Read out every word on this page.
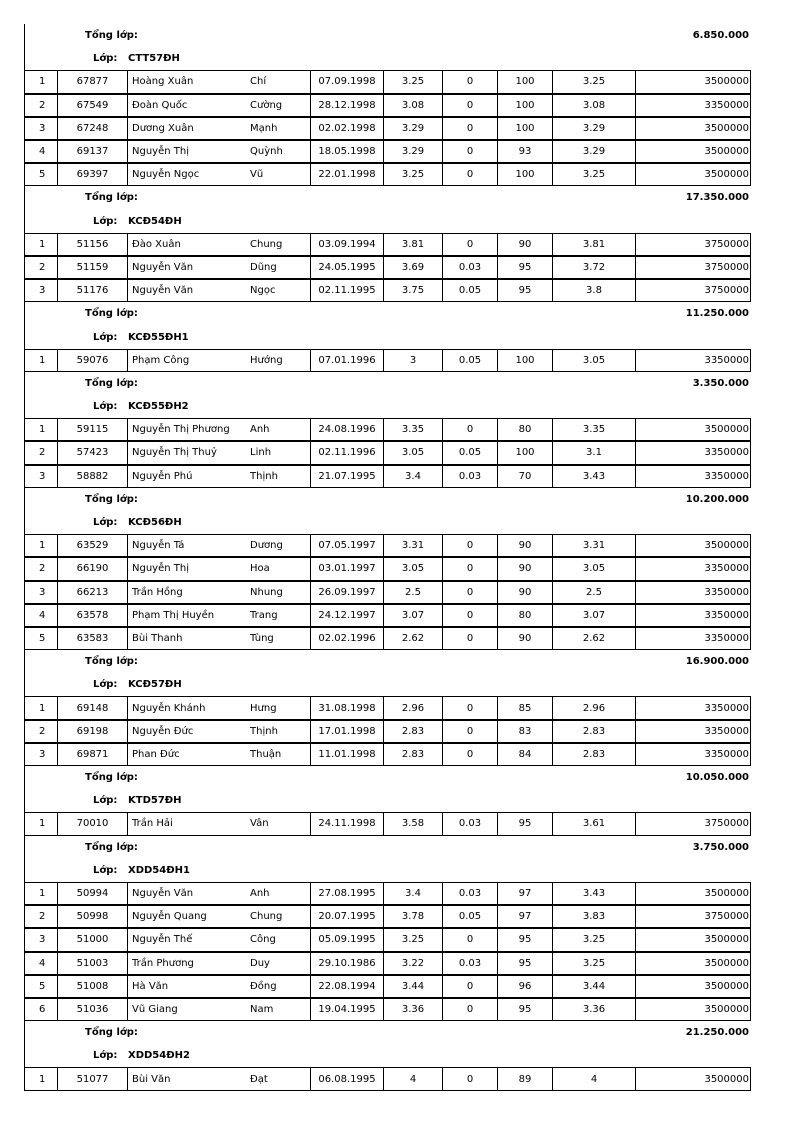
Tổng lớp:	6.850.000
Lớp: CTT57ĐH
1	67877	Hoàng Xuân	Chí	07.09.1998	3.25	0	100	3.25	3500000
2	67549	Đoàn Quốc	Cường	28.12.1998	3.08	0	100	3.08	3350000
3	67248	Dương Xuân	Mạnh	02.02.1998	3.29	0	100	3.29	3500000
4	69137	Nguyễn Thị	Quỳnh	18.05.1998	3.29	0	93	3.29	3500000
5	69397	Nguyễn Ngọc	Vũ	22.01.1998	3.25	0	100	3.25	3500000
Tổng lớp:	17.350.000
Lớp: KCĐ54ĐH
1	51156	Đào Xuân	Chung	03.09.1994	3.81	0	90	3.81	3750000
2	51159	Nguyễn Văn	Dũng	24.05.1995	3.69	0.03	95	3.72	3750000
3	51176	Nguyễn Văn	Ngọc	02.11.1995	3.75	0.05	95	3.8	3750000
Tổng lớp:	11.250.000
Lớp: KCĐ55ĐH1
1	59076	Phạm Công	Hướng	07.01.1996	3	0.05	100	3.05	3350000
Tổng lớp:	3.350.000
Lớp: KCĐ55ĐH2
1	59115	Nguyễn Thị Phương	Anh	24.08.1996	3.35	0	80	3.35	3500000
2	57423	Nguyễn Thị Thuỷ	Linh	02.11.1996	3.05	0.05	100	3.1	3350000
3	58882	Nguyễn Phú	Thịnh	21.07.1995	3.4	0.03	70	3.43	3350000
Tổng lớp:	10.200.000
Lớp: KCĐ56ĐH
1	63529	Nguyễn Tá	Dương	07.05.1997	3.31	0	90	3.31	3500000
2	66190	Nguyễn Thị	Hoa	03.01.1997	3.05	0	90	3.05	3350000
3	66213	Trần Hồng	Nhung	26.09.1997	2.5	0	90	2.5	3350000
4	63578	Phạm Thị Huyền	Trang	24.12.1997	3.07	0	80	3.07	3350000
5	63583	Bùi Thanh	Tùng	02.02.1996	2.62	0	90	2.62	3350000
Tổng lớp:	16.900.000
Lớp: KCĐ57ĐH
1	69148	Nguyễn Khánh	Hưng	31.08.1998	2.96	0	85	2.96	3350000
2	69198	Nguyễn Đức	Thịnh	17.01.1998	2.83	0	83	2.83	3350000
3	69871	Phan Đức	Thuận	11.01.1998	2.83	0	84	2.83	3350000
Tổng lớp:	10.050.000
Lớp: KTD57ĐH
1	70010	Trần Hải	Vân	24.11.1998	3.58	0.03	95	3.61	3750000
Tổng lớp:	3.750.000
Lớp: XDD54ĐH1
1	50994	Nguyễn Văn	Anh	27.08.1995	3.4	0.03	97	3.43	3500000
2	50998	Nguyễn Quang	Chung	20.07.1995	3.78	0.05	97	3.83	3750000
3	51000	Nguyễn Thế	Công	05.09.1995	3.25	0	95	3.25	3500000
4	51003	Trần Phương	Duy	29.10.1986	3.22	0.03	95	3.25	3500000
5	51008	Hà Văn	Đồng	22.08.1994	3.44	0	96	3.44	3500000
6	51036	Vũ Giang	Nam	19.04.1995	3.36	0	95	3.36	3500000
Tổng lớp:	21.250.000
Lớp: XDD54ĐH2
1	51077	Bùi Văn	Đạt	06.08.1995	4	0	89	4	3500000
